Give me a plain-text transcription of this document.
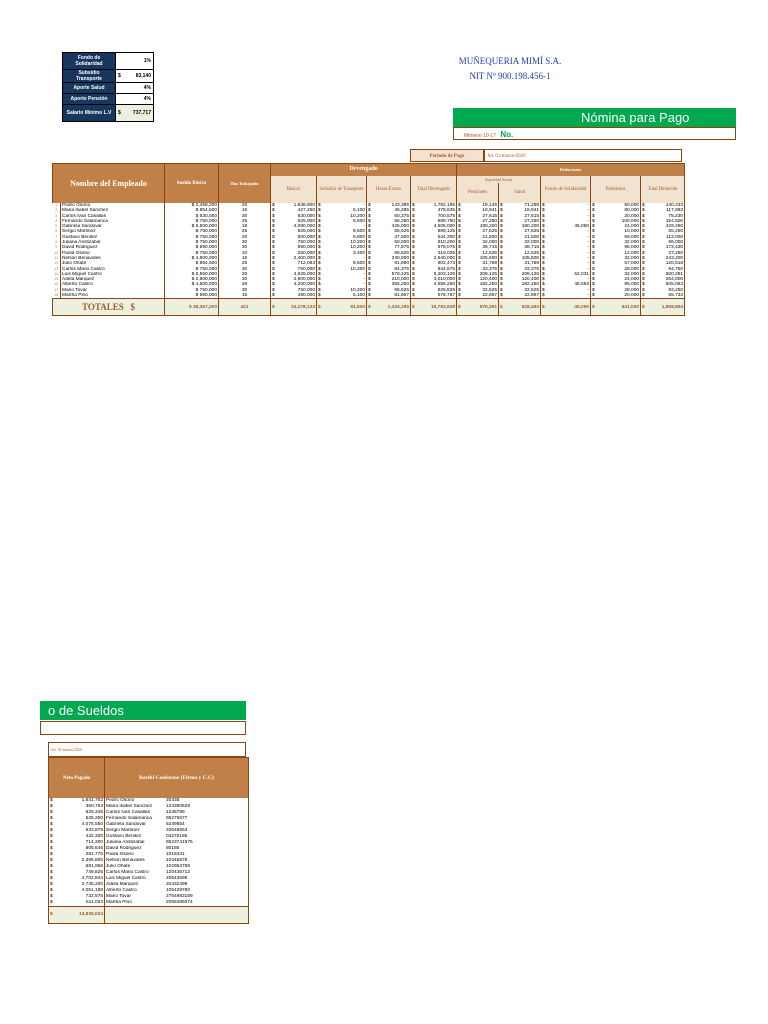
Fondo de Solidaridad	1%
Subsidio Transporte	$ 83,140
Aporte Salud	4%
Aporte Pensión	4%
Salario Mínimo L.V	$ 737,717
MUÑEQUERIA MIMÍ S.A.
NIT Nº 900.198.456-1
Nómina para Pago
Mimeno 10-17 No.
Periodo de Pago	Jul. 01/marzo/2020
Nombre del Empleado		Sueldo Básico	Días Trabajados	Devengado				Deducciones				
				Básico	Subsidio de Transporte	Horas Extras	Total Devengado	Seguridad Social		Fondo de Solidaridad	Préstamos	Total Deducido
								Pensiones	Salud			
1	Pedro Osorio	$ 2,458,200	20	$ 1,638,800	$ -	$ 143,395	$ 1,782,195	$ 19,145	$ 71,288	$ -	$ 50,000	$ 140,433
2	Maria Isabel Sanchez	$ 854,500	15	$ 427,250	$ 5,100	$ 46,285	$ 478,635	$ 18,941	$ 18,941	$ -	$ 80,000	$ 117,883
3	Carlos Ivan Casallas	$ 630,000	30	$ 630,000	$ 10,200	$ 60,375	$ 700,575	$ 27,615	$ 27,615	$ -	$ 20,000	$ 75,230
4	Fernando Salamanca	$ 750,000	25	$ 625,000	$ 8,500	$ 56,250	$ 689,750	$ 27,250	$ 27,250	$ -	$ 100,000	$ 154,500
5	Gabriela Sandoval	$ 6,800,000	18	$ 4,080,000	$ -	$ 425,000	$ 4,505,000	$ 180,200	$ 180,200	$ 45,050	$ 24,000	$ 429,450
6	Sergio Martinez	$ 750,000	25	$ 625,000	$ 8,500	$ 65,625	$ 699,125	$ 27,625	$ 27,625	$ -	$ 10,000	$ 65,250
7	Gustavo Benitez	$ 750,000	20	$ 500,000	$ 6,800	$ 37,500	$ 544,300	$ 21,500	$ 21,500	$ -	$ 69,000	$ 112,000
8	Juliana Aristizabal	$ 750,000	30	$ 750,000	$ 10,200	$ 50,000	$ 810,200	$ 32,000	$ 32,000	$ -	$ 32,000	$ 96,000
9	David Rodriguez	$ 890,000	30	$ 890,000	$ 10,200	$ 77,875	$ 978,075	$ 38,715	$ 38,715	$ -	$ 95,000	$ 172,430
10	Paola Osorio	$ 750,000	10	$ 250,000	$ 3,400	$ 65,625	$ 319,025	$ 12,625	$ 12,625	$ -	$ 12,000	$ 37,250
11	Nelson Benavides	$ 4,800,000	15	$ 2,400,000	$ -	$ 240,000	$ 2,640,000	$ 105,600	$ 105,600	$ -	$ 32,000	$ 243,200
12	Julio Oñate	$ 854,500	25	$ 712,083	$ 8,500	$ 81,890	$ 802,473	$ 31,759	$ 31,759	$ -	$ 57,000	$ 120,518
13	Carlos Mario Castro	$ 750,000	30	$ 750,000	$ 10,200	$ 84,375	$ 844,575	$ 33,375	$ 33,375	$ -	$ 28,000	$ 94,750
14	Luis Miguel Castro	$ 5,550,000	25	$ 4,625,000	$ -	$ 578,125	$ 5,203,125	$ 208,125	$ 208,125	$ 52,031	$ 32,000	$ 500,281
15	Adela Marquez	$ 2,800,000	30	$ 2,800,000	$ -	$ 210,000	$ 3,010,000	$ 120,400	$ 120,400	$ -	$ 24,000	$ 264,800
16	Alberto Castro	$ 4,500,000	28	$ 4,200,000	$ -	$ 356,250	$ 4,556,250	$ 182,250	$ 182,250	$ 45,563	$ 95,000	$ 505,063
17	Mario Tovar	$ 750,000	30	$ 750,000	$ 10,200	$ 65,625	$ 825,825	$ 32,625	$ 32,625	$ -	$ 28,000	$ 93,250
18	Martha Pino	$ 980,000	15	$ 490,000	$ 5,100	$ 81,667	$ 576,767	$ 22,867	$ 22,867	$ -	$ 20,000	$ 65,733
TOTALES $		$ 36,367,200	421	$ 34,278,133	$ 81,600	$ 1,434,195	$ 15,793,928	$ 576,351	$ 628,493	$ 45,050	$ 641,000	$ 1,858,894
o de Sueldos
Jul. 01/marzo/2020
Neto Pagado	Recibí Conforme (Firma y C.C)

$ 1,641,762	Pedro Osorio 20435

$ 360,753	Maria Isabel Sanchez 123390529

$ 625,345	Carlos Ivan Casallas 1235789

$ 535,250	Fernando Salamanca 95276577

$ 4,075,550	Gabriela Sandoval 5249854

$ 633,875	Sergio Martinez 33649653

$ 432,300	Gustavo Benitez 04275185

$ 714,200	Juliana Aristizabal 8523741975

$ 805,645	David Rodriguez 80186

$ 281,775	Paola Osorio 1018431

$ 2,396,800	Nelson Benavides 10345878

$ 681,955	Julio Oñate 102963788

$ 749,825	Carlos Mario Castro 120435712

$ 4,702,844	Luis Miguel Castro 20543698

$ 2,745,200	Adela Marquez 20432498

$ 4,051,188	Alberto Castro 105429790

$ 732,575	Mario Tovar 2764983169

$ 511,033	Martha Pino 2056489274

$ 13,935,034	
